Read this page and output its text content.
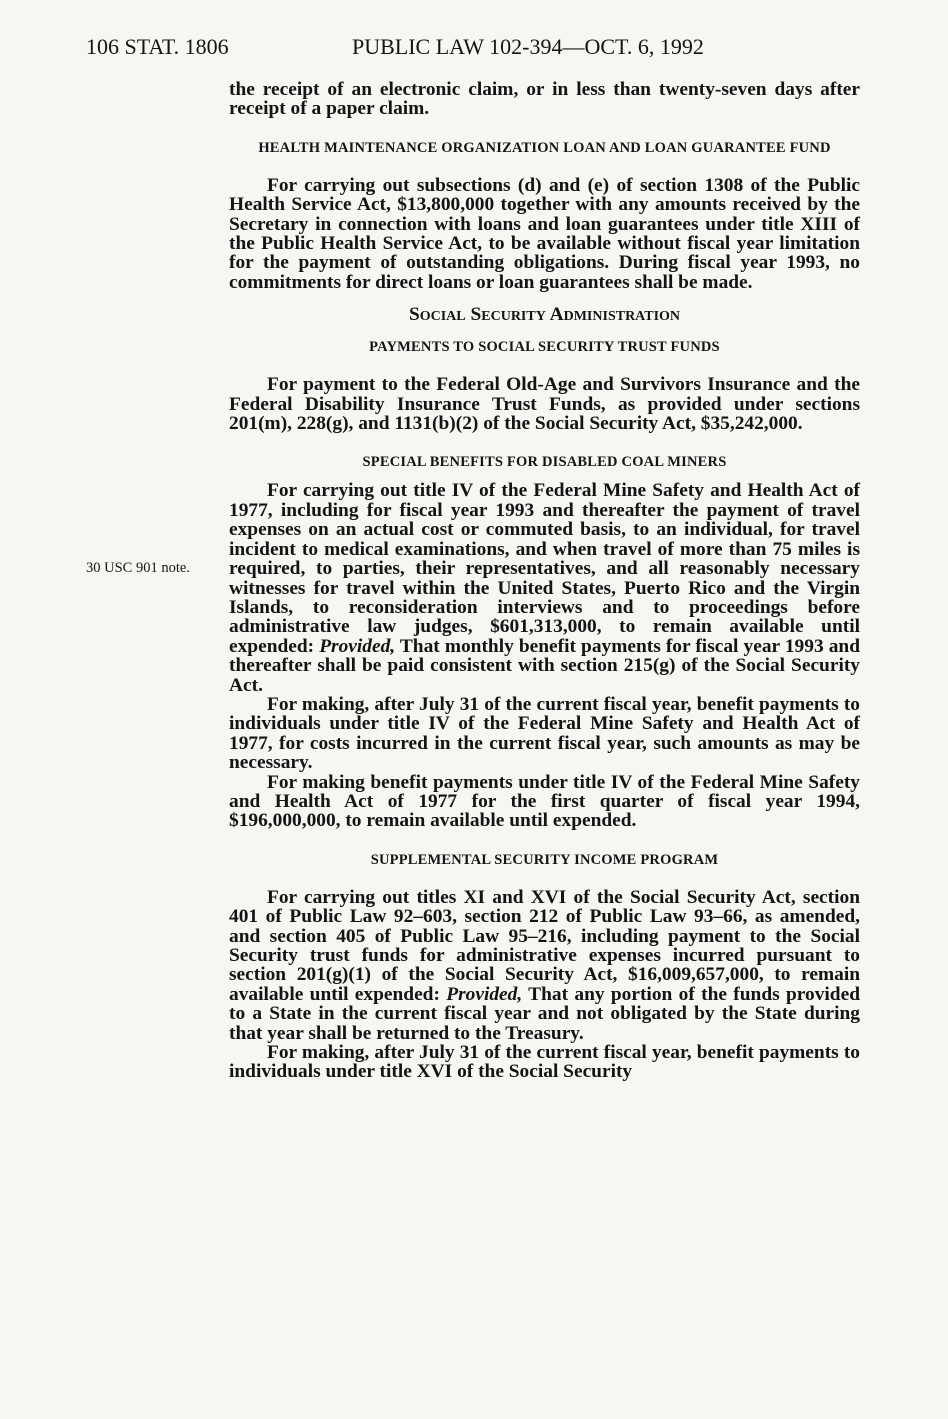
106 STAT. 1806	PUBLIC LAW 102-394—OCT. 6, 1992
30 USC 901 note.

the receipt of an electronic claim, or in less than twenty-seven days after receipt of a paper claim.

HEALTH MAINTENANCE ORGANIZATION LOAN AND LOAN GUARANTEE FUND

For carrying out subsections (d) and (e) of section 1308 of the Public Health Service Act, $13,800,000 together with any amounts received by the Secretary in connection with loans and loan guarantees under title XIII of the Public Health Service Act, to be available without fiscal year limitation for the payment of outstanding obligations. During fiscal year 1993, no commitments for direct loans or loan guarantees shall be made.

Social Security Administration
PAYMENTS TO SOCIAL SECURITY TRUST FUNDS

For payment to the Federal Old-Age and Survivors Insurance and the Federal Disability Insurance Trust Funds, as provided under sections 201(m), 228(g), and 1131(b)(2) of the Social Security Act, $35,242,000.

SPECIAL BENEFITS FOR DISABLED COAL MINERS

For carrying out title IV of the Federal Mine Safety and Health Act of 1977, including for fiscal year 1993 and thereafter the payment of travel expenses on an actual cost or commuted basis, to an individual, for travel incident to medical examinations, and when travel of more than 75 miles is required, to parties, their representatives, and all reasonably necessary witnesses for travel within the United States, Puerto Rico and the Virgin Islands, to reconsideration interviews and to proceedings before administrative law judges, $601,313,000, to remain available until expended: Provided, That monthly benefit payments for fiscal year 1993 and thereafter shall be paid consistent with section 215(g) of the Social Security Act.

For making, after July 31 of the current fiscal year, benefit payments to individuals under title IV of the Federal Mine Safety and Health Act of 1977, for costs incurred in the current fiscal year, such amounts as may be necessary.

For making benefit payments under title IV of the Federal Mine Safety and Health Act of 1977 for the first quarter of fiscal year 1994, $196,000,000, to remain available until expended.

SUPPLEMENTAL SECURITY INCOME PROGRAM

For carrying out titles XI and XVI of the Social Security Act, section 401 of Public Law 92–603, section 212 of Public Law 93–66, as amended, and section 405 of Public Law 95–216, including payment to the Social Security trust funds for administrative expenses incurred pursuant to section 201(g)(1) of the Social Security Act, $16,009,657,000, to remain available until expended: Provided, That any portion of the funds provided to a State in the current fiscal year and not obligated by the State during that year shall be returned to the Treasury.

For making, after July 31 of the current fiscal year, benefit payments to individuals under title XVI of the Social Security
